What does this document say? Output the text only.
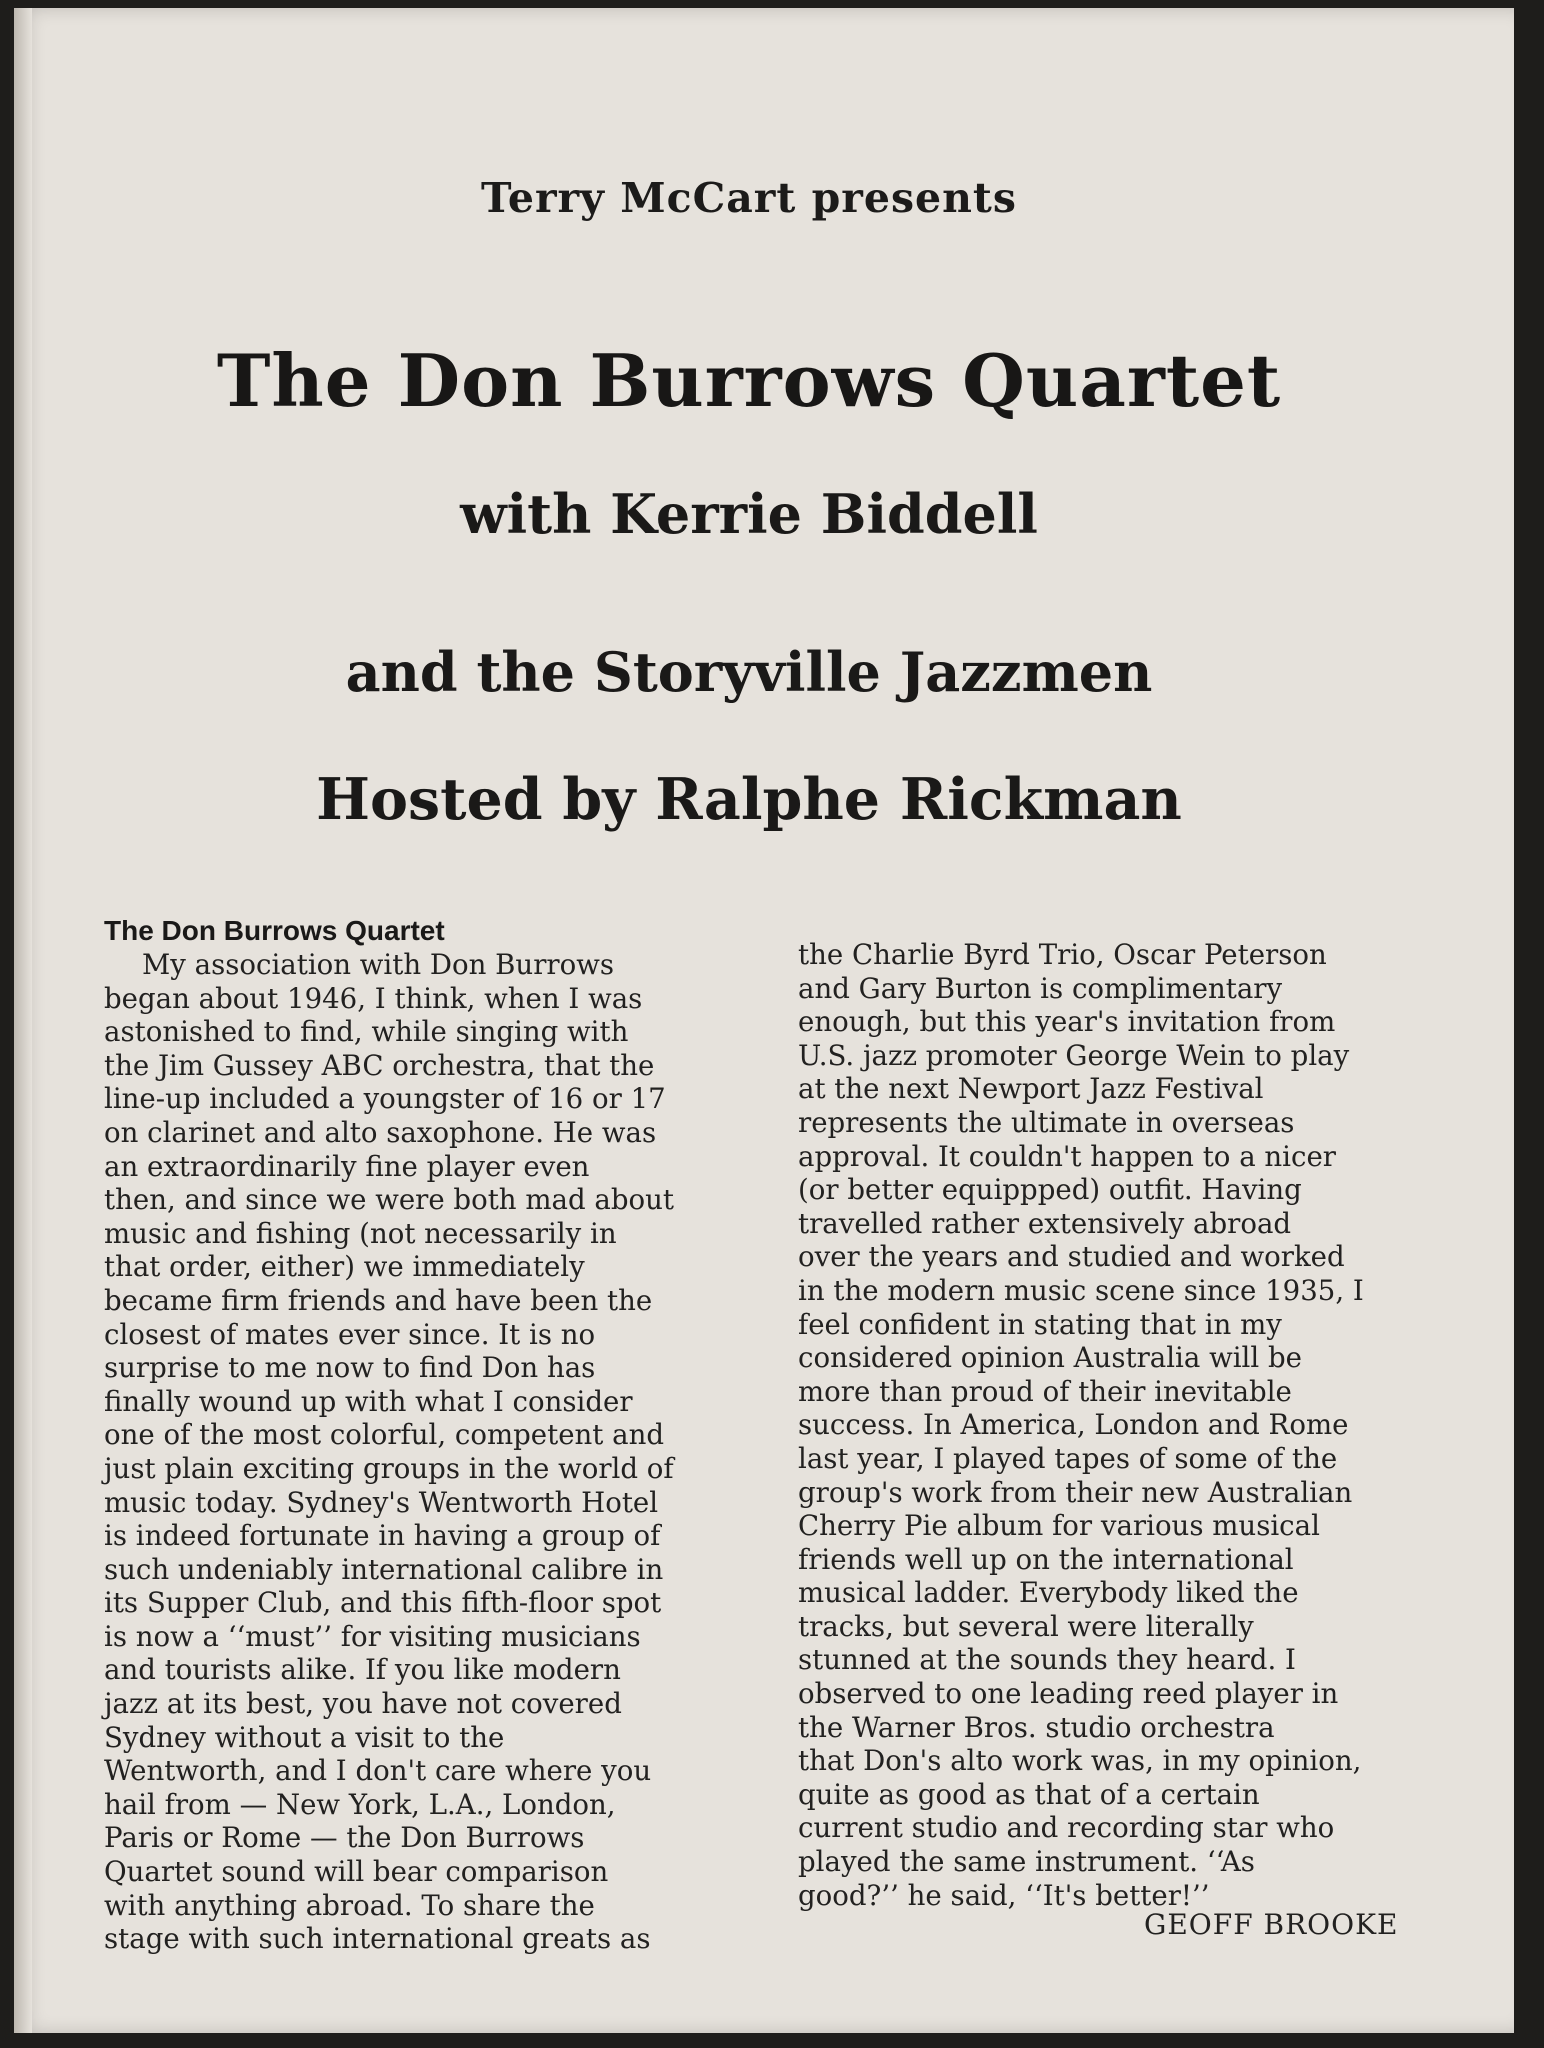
Terry McCart presents
The Don Burrows Quartet
with Kerrie Biddell
and the Storyville Jazzmen
Hosted by Ralphe Rickman
The Don Burrows Quartet
My association with Don Burrows
began about 1946, I think, when I was
astonished to find, while singing with
the Jim Gussey ABC orchestra, that the
line-up included a youngster of 16 or 17
on clarinet and alto saxophone. He was
an extraordinarily fine player even
then, and since we were both mad about
music and fishing (not necessarily in
that order, either) we immediately
became firm friends and have been the
closest of mates ever since. It is no
surprise to me now to find Don has
finally wound up with what I consider
one of the most colorful, competent and
just plain exciting groups in the world of
music today. Sydney's Wentworth Hotel
is indeed fortunate in having a group of
such undeniably international calibre in
its Supper Club, and this fifth-floor spot
is now a ‘‘must’’ for visiting musicians
and tourists alike. If you like modern
jazz at its best, you have not covered
Sydney without a visit to the
Wentworth, and I don't care where you
hail from — New York, L.A., London,
Paris or Rome — the Don Burrows
Quartet sound will bear comparison
with anything abroad. To share the
stage with such international greats as
the Charlie Byrd Trio, Oscar Peterson
and Gary Burton is complimentary
enough, but this year's invitation from
U.S. jazz promoter George Wein to play
at the next Newport Jazz Festival
represents the ultimate in overseas
approval. It couldn't happen to a nicer
(or better equippped) outfit. Having
travelled rather extensively abroad
over the years and studied and worked
in the modern music scene since 1935, I
feel confident in stating that in my
considered opinion Australia will be
more than proud of their inevitable
success. In America, London and Rome
last year, I played tapes of some of the
group's work from their new Australian
Cherry Pie album for various musical
friends well up on the international
musical ladder. Everybody liked the
tracks, but several were literally
stunned at the sounds they heard. I
observed to one leading reed player in
the Warner Bros. studio orchestra
that Don's alto work was, in my opinion,
quite as good as that of a certain
current studio and recording star who
played the same instrument. ‘‘As
good?’’ he said, ‘‘It's better!’’
GEOFF BROOKE
